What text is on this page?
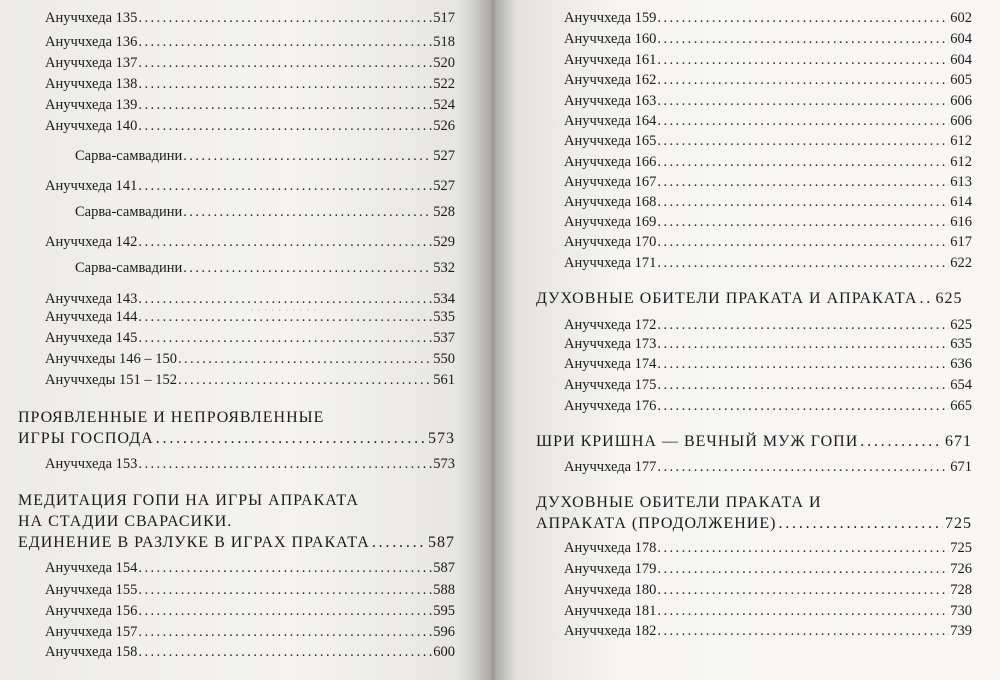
. . . . . . . . . .
Ануччхеда 135 . . .	517
Ануччхеда 136 . . .	518
Ануччхеда 137 . . .	520
Ануччхеда 138 . . .	522
Ануччхеда 139 . . .	524
Ануччхеда 140 . . .	526
Сарва-самвадини . . .	527
Ануччхеда 141 . . .	527
Сарва-самвадини . . .	528
Ануччхеда 142 . . .	529
Сарва-самвадини . . .	532
Ануччхеда 143 . . .	534
Ануччхеда 144 . . .	535
Ануччхеда 145 . . .	537
Ануччхеды 146 – 150 . . .	550
Ануччхеды 151 – 152 . . .	561
ПРОЯВЛЕННЫЕ И НЕПРОЯВЛЕННЫЕ
ИГРЫ ГОСПОДА . . .	573
Ануччхеда 153 . . .	573
МЕДИТАЦИЯ ГОПИ НА ИГРЫ АПРАКАТА
НА СТАДИИ СВАРАСИКИ.
ЕДИНЕНИЕ В РАЗЛУКЕ В ИГРАХ ПРАКАТА . . .	587
Ануччхеда 154 . . .	587
Ануччхеда 155 . . .	588
Ануччхеда 156 . . .	595
Ануччхеда 157 . . .	596
Ануччхеда 158 . . .	600
Ануччхеда 159 . . .	602
Ануччхеда 160 . . .	604
Ануччхеда 161 . . .	604
Ануччхеда 162 . . .	605
Ануччхеда 163 . . .	606
Ануччхеда 164 . . .	606
Ануччхеда 165 . . .	612
Ануччхеда 166 . . .	612
Ануччхеда 167 . . .	613
Ануччхеда 168 . . .	614
Ануччхеда 169 . . .	616
Ануччхеда 170 . . .	617
Ануччхеда 171 . . .	622
ДУХОВНЫЕ ОБИТЕЛИ ПРАКАТА И АПРАКАТА . . . 625
Ануччхеда 172 . . .	625
Ануччхеда 173 . . .	635
Ануччхеда 174 . . .	636
Ануччхеда 175 . . .	654
Ануччхеда 176 . . .	665
ШРИ КРИШНА — ВЕЧНЫЙ МУЖ ГОПИ . . .	671
Ануччхеда 177 . . .	671
ДУХОВНЫЕ ОБИТЕЛИ ПРАКАТА И
АПРАКАТА (ПРОДОЛЖЕНИЕ) . . .	725
Ануччхеда 178 . . .	725
Ануччхеда 179 . . .	726
Ануччхеда 180 . . .	728
Ануччхеда 181 . . .	730
Ануччхеда 182 . . .	739
